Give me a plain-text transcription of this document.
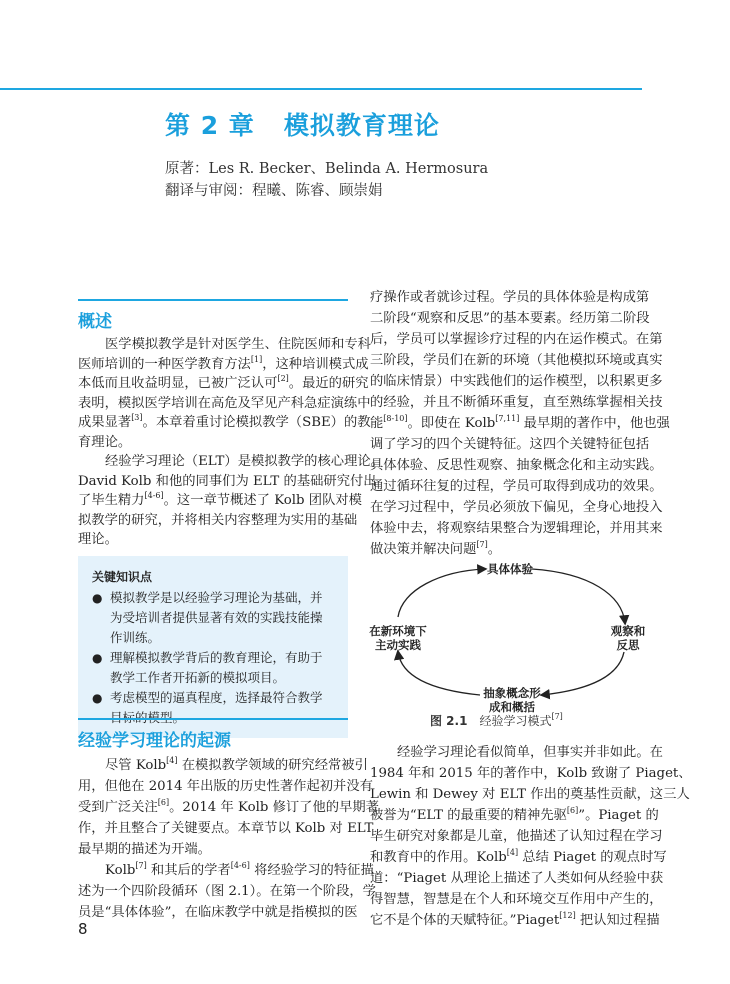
第 2 章   模拟教育理论
原著：Les R. Becker、Belinda A. Hermosura
翻译与审阅：程曦、陈睿、顾崇娟
概述
医学模拟教学是针对医学生、住院医师和专科
医师培训的一种医学教育方法[1]，这种培训模式成
本低而且收益明显，已被广泛认可[2]。最近的研究
表明，模拟医学培训在高危及罕见产科急症演练中
成果显著[3]。本章着重讨论模拟教学（SBE）的教
育理论。
经验学习理论（ELT）是模拟教学的核心理论。
David Kolb 和他的同事们为 ELT 的基础研究付出
了毕生精力[4-6]。这一章节概述了 Kolb 团队对模
拟教学的研究，并将相关内容整理为实用的基础
理论。
关键知识点
● 模拟教学是以经验学习理论为基础，并为受培训者提供显著有效的实践技能操作训练。
● 理解模拟教学背后的教育理论，有助于教学工作者开拓新的模拟项目。
● 考虑模型的逼真程度，选择最符合教学
经验学习理论的起源
尽管 Kolb[4] 在模拟教学领域的研究经常被引
用，但他在 2014 年出版的历史性著作起初并没有
受到广泛关注[6]。2014 年 Kolb 修订了他的早期著
作，并且整合了关键要点。本章节以 Kolb 对 ELT
最早期的描述为开端。
Kolb[7] 和其后的学者[4-6] 将经验学习的特征描
述为一个四阶段循环（图 2.1）。在第一个阶段，学
员是“具体体验”，在临床教学中就是指模拟的医
疗操作或者就诊过程。学员的具体体验是构成第
二阶段“观察和反思”的基本要素。经历第二阶段
后，学员可以掌握诊疗过程的内在运作模式。在第
三阶段，学员们在新的环境（其他模拟环境或真实
的临床情景）中实践他们的运作模型，以积累更多
的经验，并且不断循环重复，直至熟练掌握相关技
能[8-10]。即使在 Kolb[7,11] 最早期的著作中，他也强
调了学习的四个关键特征。这四个关键特征包括
具体体验、反思性观察、抽象概念化和主动实践。
通过循环往复的过程，学员可取得到成功的效果。
在学习过程中，学员必须放下偏见，全身心地投入
体验中去，将观察结果整合为逻辑理论，并用其来
做决策并解决问题[7]。
具体体验
观察和
反思
抽象概念形
成和概括
在新环境下
主动实践
图 2.1 经验学习模式[7]
经验学习理论看似简单，但事实并非如此。在
1984 年和 2015 年的著作中，Kolb 致谢了 Piaget、
Lewin 和 Dewey 对 ELT 作出的奠基性贡献，这三人
被誉为“ELT 的最重要的精神先驱[6]”。Piaget 的
毕生研究对象都是儿童，他描述了认知过程在学习
和教育中的作用。Kolb[4] 总结 Piaget 的观点时写
道：“Piaget 从理论上描述了人类如何从经验中获
得智慧，智慧是在个人和环境交互作用中产生的，
它不是个体的天赋特征。”Piaget[12] 把认知过程描
8
